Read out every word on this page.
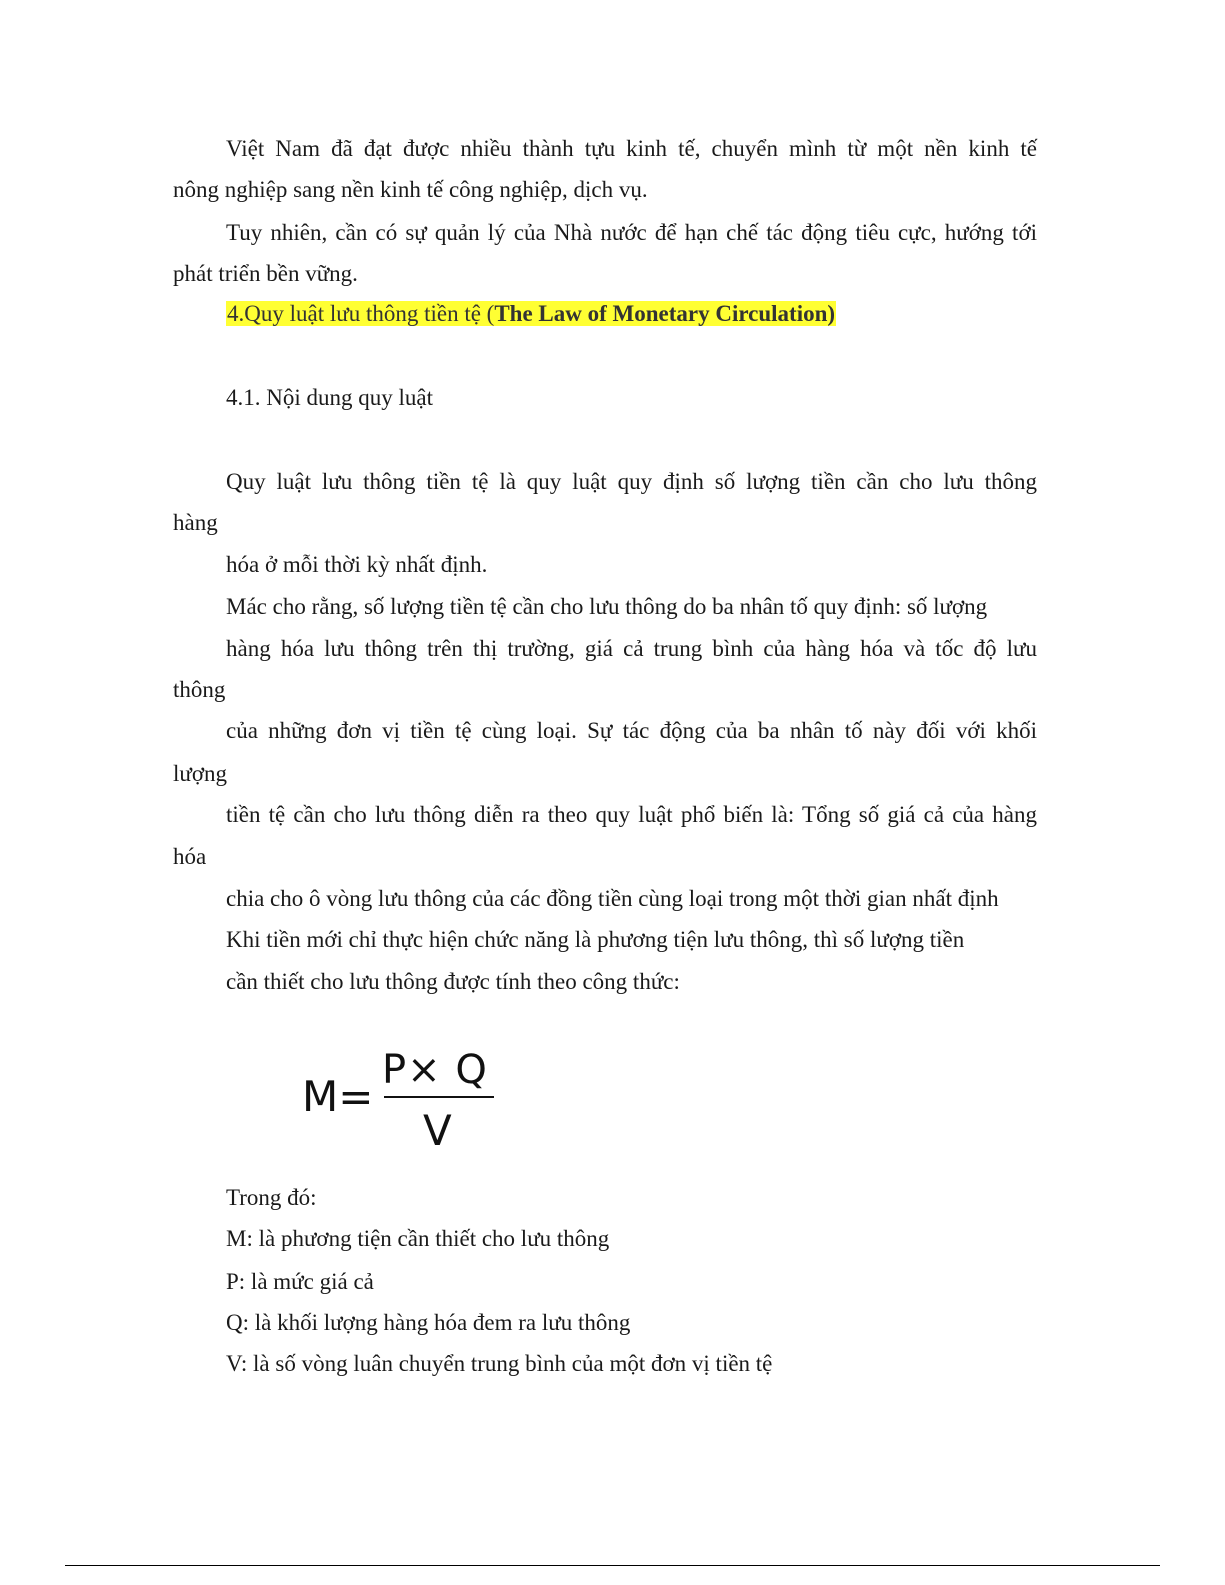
Việt Nam đã đạt được nhiều thành tựu kinh tế, chuyển mình từ một nền kinh tế
nông nghiệp sang nền kinh tế công nghiệp, dịch vụ.
Tuy nhiên, cần có sự quản lý của Nhà nước để hạn chế tác động tiêu cực, hướng tới
phát triển bền vững.
4.Quy luật lưu thông tiền tệ (The Law of Monetary Circulation)
4.1. Nội dung quy luật
Quy luật lưu thông tiền tệ là quy luật quy định số lượng tiền cần cho lưu thông
hàng
hóa ở mỗi thời kỳ nhất định.
Mác cho rằng, số lượng tiền tệ cần cho lưu thông do ba nhân tố quy định: số lượng
hàng hóa lưu thông trên thị trường, giá cả trung bình của hàng hóa và tốc độ lưu
thông
của những đơn vị tiền tệ cùng loại. Sự tác động của ba nhân tố này đối với khối
lượng
tiền tệ cần cho lưu thông diễn ra theo quy luật phổ biến là: Tổng số giá cả của hàng
hóa
chia cho ô vòng lưu thông của các đồng tiền cùng loại trong một thời gian nhất định
Khi tiền mới chỉ thực hiện chức năng là phương tiện lưu thông, thì số lượng tiền
cần thiết cho lưu thông được tính theo công thức:
M=
P× Q
V
Trong đó:
M: là phương tiện cần thiết cho lưu thông
P: là mức giá cả
Q: là khối lượng hàng hóa đem ra lưu thông
V: là số vòng luân chuyển trung bình của một đơn vị tiền tệ
